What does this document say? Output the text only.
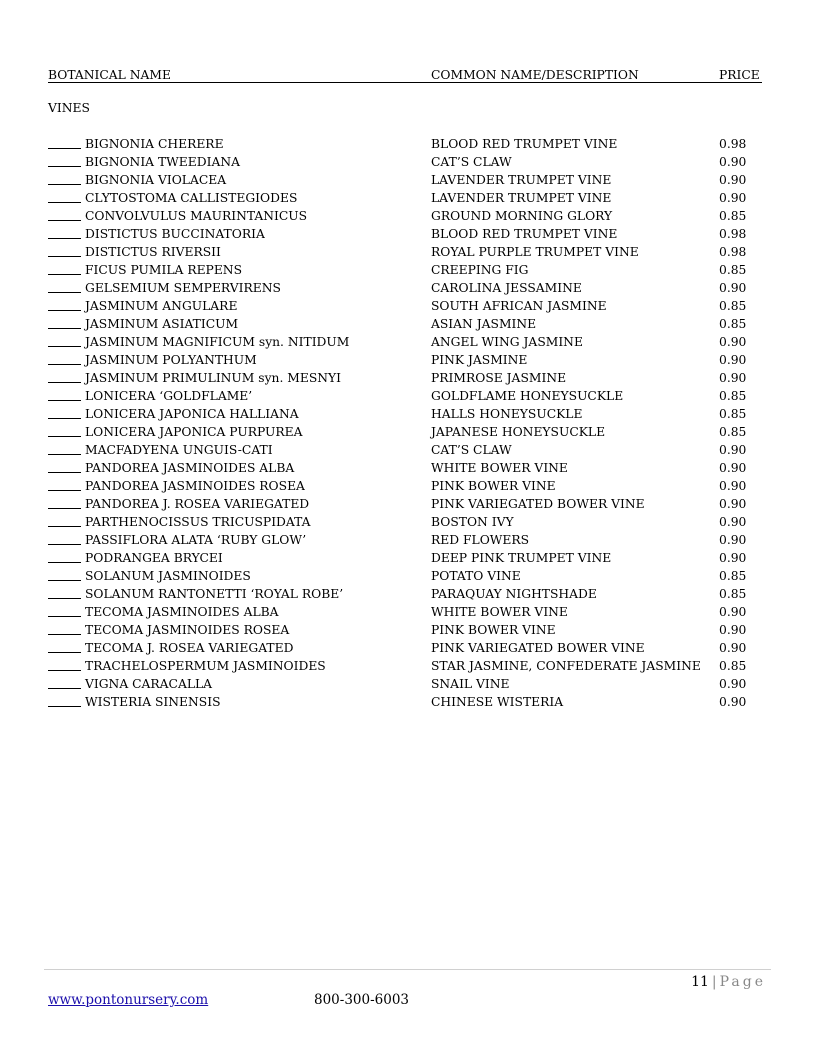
BOTANICAL NAME	COMMON NAME/DESCRIPTION	PRICE
VINES
BIGNONIA CHERERE	BLOOD RED TRUMPET VINE	0.98
BIGNONIA TWEEDIANA	CAT’S CLAW	0.90
BIGNONIA VIOLACEA	LAVENDER TRUMPET VINE	0.90
CLYTOSTOMA CALLISTEGIODES	LAVENDER TRUMPET VINE	0.90
CONVOLVULUS MAURINTANICUS	GROUND MORNING GLORY	0.85
DISTICTUS BUCCINATORIA	BLOOD RED TRUMPET VINE	0.98
DISTICTUS RIVERSII	ROYAL PURPLE TRUMPET VINE	0.98
FICUS PUMILA REPENS	CREEPING FIG	0.85
GELSEMIUM SEMPERVIRENS	CAROLINA JESSAMINE	0.90
JASMINUM ANGULARE	SOUTH AFRICAN JASMINE	0.85
JASMINUM ASIATICUM	ASIAN JASMINE	0.85
JASMINUM MAGNIFICUM syn. NITIDUM	ANGEL WING JASMINE	0.90
JASMINUM POLYANTHUM	PINK JASMINE	0.90
JASMINUM PRIMULINUM syn. MESNYI	PRIMROSE JASMINE	0.90
LONICERA ‘GOLDFLAME’	GOLDFLAME HONEYSUCKLE	0.85
LONICERA JAPONICA HALLIANA	HALLS HONEYSUCKLE	0.85
LONICERA JAPONICA PURPUREA	JAPANESE HONEYSUCKLE	0.85
MACFADYENA UNGUIS-CATI	CAT’S CLAW	0.90
PANDOREA JASMINOIDES ALBA	WHITE BOWER VINE	0.90
PANDOREA JASMINOIDES ROSEA	PINK BOWER VINE	0.90
PANDOREA J. ROSEA VARIEGATED	PINK VARIEGATED BOWER VINE	0.90
PARTHENOCISSUS TRICUSPIDATA	BOSTON IVY	0.90
PASSIFLORA ALATA ‘RUBY GLOW’	RED FLOWERS	0.90
PODRANGEA BRYCEI	DEEP PINK TRUMPET VINE	0.90
SOLANUM JASMINOIDES	POTATO VINE	0.85
SOLANUM RANTONETTI ‘ROYAL ROBE’	PARAQUAY NIGHTSHADE	0.85
TECOMA JASMINOIDES ALBA	WHITE BOWER VINE	0.90
TECOMA JASMINOIDES ROSEA	PINK BOWER VINE	0.90
TECOMA J. ROSEA VARIEGATED	PINK VARIEGATED BOWER VINE	0.90
TRACHELOSPERMUM JASMINOIDES	STAR JASMINE, CONFEDERATE JASMINE 0.85
VIGNA CARACALLA	SNAIL VINE	0.90
WISTERIA SINENSIS	CHINESE WISTERIA	0.90
11 | Page
www.pontonursery.com	800-300-6003
